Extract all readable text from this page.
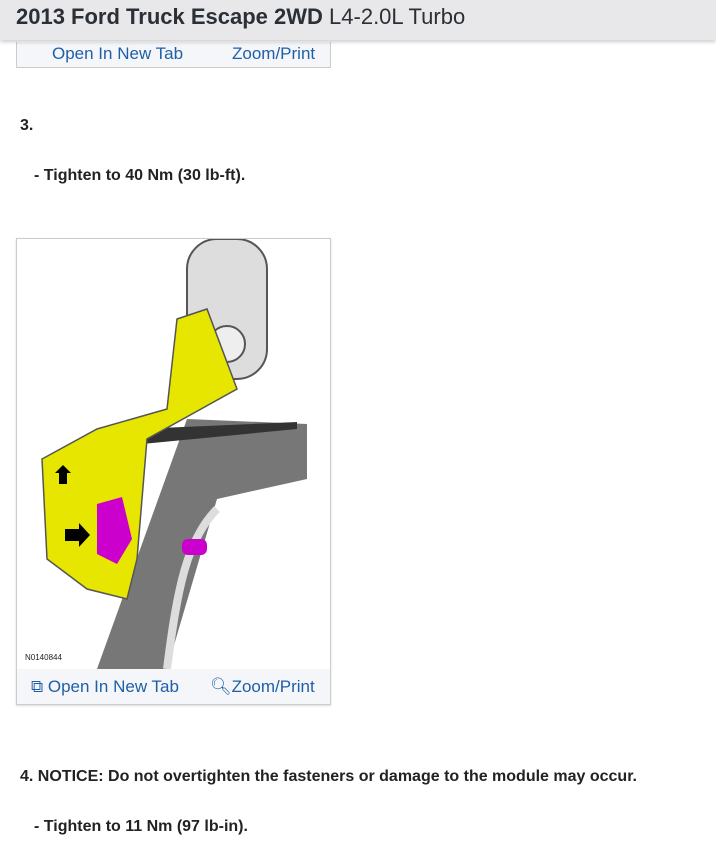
2013 Ford Truck Escape 2WD L4-2.0L Turbo
Open In New Tab	Zoom/Print
3.
- Tighten to 40 Nm (30 lb-ft).
N0140844
⧉ Open In New Tab 🔍︎Zoom/Print
4. NOTICE: Do not overtighten the fasteners or damage to the module may occur.
- Tighten to 11 Nm (97 lb-in).
